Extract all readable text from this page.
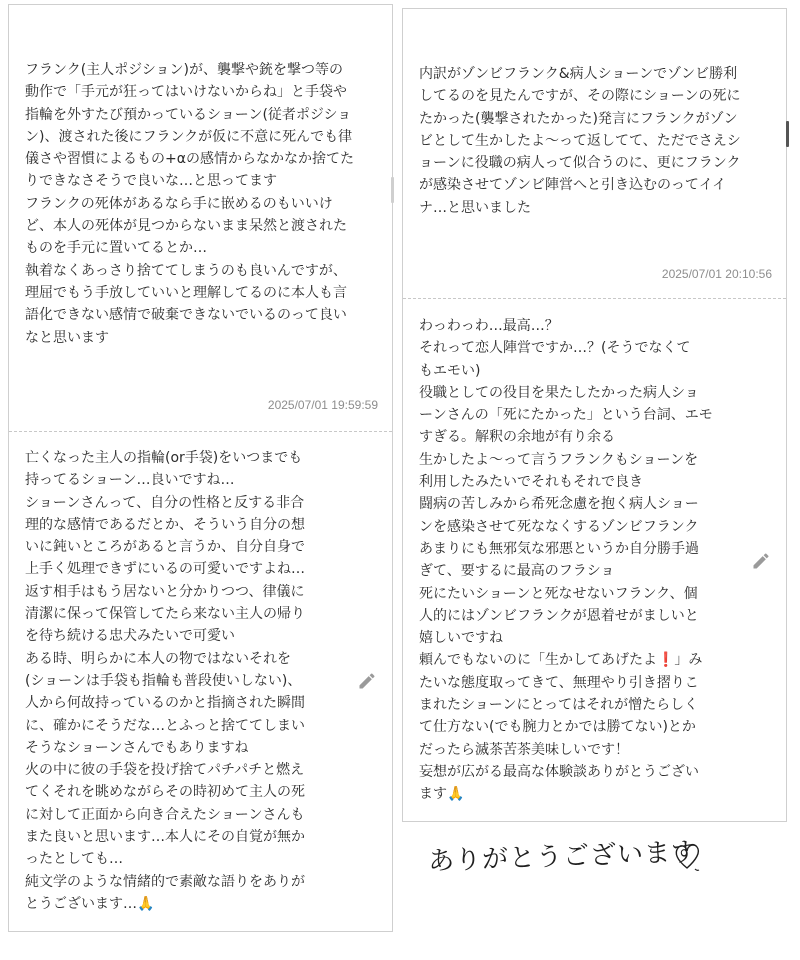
フランク(主人ポジション)が、襲撃や銃を撃つ等の
動作で「手元が狂ってはいけないからね」と手袋や
指輪を外すたび預かっているショーン(従者ポジショ
ン)、渡された後にフランクが仮に不意に死んでも律
儀さや習慣によるもの+αの感情からなかなか捨てた
りできなさそうで良いな…と思ってます
フランクの死体があるなら手に嵌めるのもいいけ
ど、本人の死体が見つからないまま呆然と渡された
ものを手元に置いてるとか…
執着なくあっさり捨ててしまうのも良いんですが、
理屈でもう手放していいと理解してるのに本人も言
語化できない感情で破棄できないでいるのって良い
なと思います
2025/07/01 19:59:59
亡くなった主人の指輪(or手袋)をいつまでも
持ってるショーン…良いですね…
ショーンさんって、自分の性格と反する非合
理的な感情であるだとか、そういう自分の想
いに鈍いところがあると言うか、自分自身で
上手く処理できずにいるの可愛いですよね…
返す相手はもう居ないと分かりつつ、律儀に
清潔に保って保管してたら来ない主人の帰り
を待ち続ける忠犬みたいで可愛い
ある時、明らかに本人の物ではないそれを
(ショーンは手袋も指輪も普段使いしない)、
人から何故持っているのかと指摘された瞬間
に、確かにそうだな…とふっと捨ててしまい
そうなショーンさんでもありますね
火の中に彼の手袋を投げ捨てパチパチと燃え
てくそれを眺めながらその時初めて主人の死
に対して正面から向き合えたショーンさんも
また良いと思います…本人にその自覚が無か
ったとしても…
純文学のような情緒的で素敵な語りをありが
とうございます…🙏
内訳がゾンビフランク&病人ショーンでゾンビ勝利
してるのを見たんですが、その際にショーンの死に
たかった(襲撃されたかった)発言にフランクがゾン
ビとして生かしたよ〜って返してて、ただでさえシ
ョーンに役職の病人って似合うのに、更にフランク
が感染させてゾンビ陣営へと引き込むのってイイ
ナ…と思いました
2025/07/01 20:10:56
わっわっわ…最高…？
それって恋人陣営ですか…？(そうでなくて
もエモい)
役職としての役目を果たしたかった病人ショ
ーンさんの「死にたかった」という台詞、エモ
すぎる。解釈の余地が有り余る
生かしたよ〜って言うフランクもショーンを
利用したみたいでそれもそれで良き
闘病の苦しみから希死念慮を抱く病人ショー
ンを感染させて死ななくするゾンビフランク
あまりにも無邪気な邪悪というか自分勝手過
ぎて、要するに最高のフラショ
死にたいショーンと死なせないフランク、個
人的にはゾンビフランクが恩着せがましいと
嬉しいですね
頼んでもないのに「生かしてあげたよ❗️」み
たいな態度取ってきて、無理やり引き摺りこ
まれたショーンにとってはそれが憎たらしく
て仕方ない(でも腕力とかでは勝てない)とか
だったら滅茶苦茶美味しいです！
妄想が広がる最高な体験談ありがとうござい
ます🙏
ありがとうございます
